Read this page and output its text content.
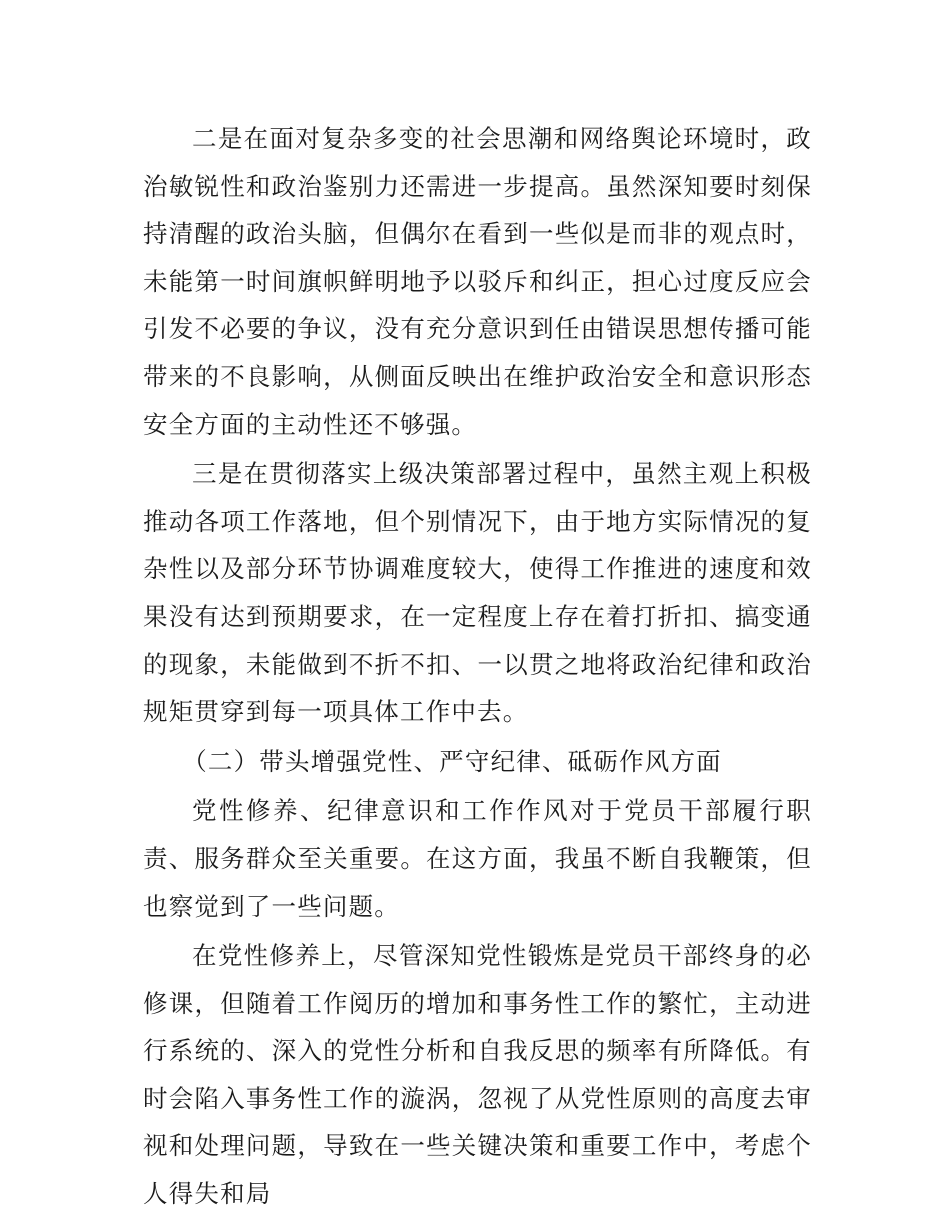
二是在面对复杂多变的社会思潮和网络舆论环境时，政治敏锐性和政治鉴别力还需进一步提高。虽然深知要时刻保持清醒的政治头脑，但偶尔在看到一些似是而非的观点时，未能第一时间旗帜鲜明地予以驳斥和纠正，担心过度反应会引发不必要的争议，没有充分意识到任由错误思想传播可能带来的不良影响，从侧面反映出在维护政治安全和意识形态安全方面的主动性还不够强。

三是在贯彻落实上级决策部署过程中，虽然主观上积极推动各项工作落地，但个别情况下，由于地方实际情况的复杂性以及部分环节协调难度较大，使得工作推进的速度和效果没有达到预期要求，在一定程度上存在着打折扣、搞变通的现象，未能做到不折不扣、一以贯之地将政治纪律和政治规矩贯穿到每一项具体工作中去。

（二）带头增强党性、严守纪律、砥砺作风方面

党性修养、纪律意识和工作作风对于党员干部履行职责、服务群众至关重要。在这方面，我虽不断自我鞭策，但也察觉到了一些问题。

在党性修养上，尽管深知党性锻炼是党员干部终身的必修课，但随着工作阅历的增加和事务性工作的繁忙，主动进行系统的、深入的党性分析和自我反思的频率有所降低。有时会陷入事务性工作的漩涡，忽视了从党性原则的高度去审视和处理问题，导致在一些关键决策和重要工作中，考虑个人得失和局
